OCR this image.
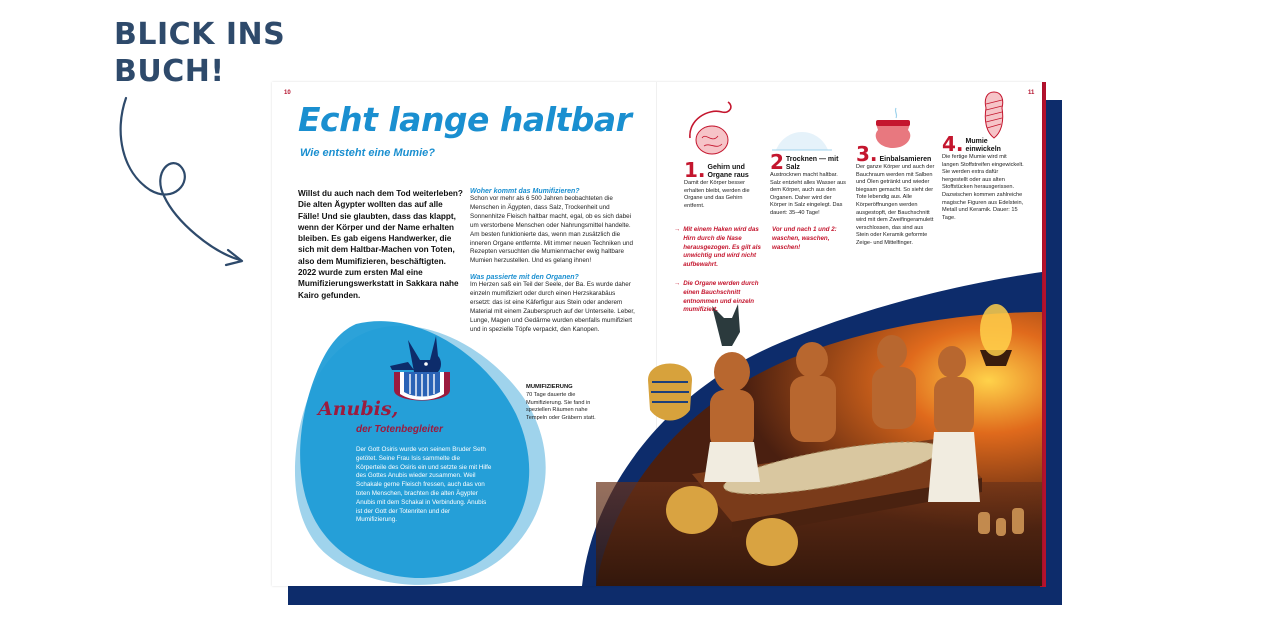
BLICK INS
BUCH!
10	11
Echt lange haltbar
Wie entsteht eine Mumie?
Willst du auch nach dem Tod weiterleben? Die alten Ägypter wollten das auf alle Fälle! Und sie glaubten, dass das klappt, wenn der Körper und der Name erhalten bleiben. Es gab eigens Handwerker, die sich mit dem Haltbar-Machen von Toten, also dem Mumifizieren, beschäftigten. 2022 wurde zum ersten Mal eine Mumifizierungswerkstatt in Sakkara nahe Kairo gefunden.
Woher kommt das Mumifizieren?
Schon vor mehr als 6 500 Jahren beobachteten die Menschen in Ägypten, dass Salz, Trockenheit und Sonnenhitze Fleisch haltbar macht, egal, ob es sich dabei um verstorbene Menschen oder Nahrungsmittel handelte. Am besten funktionierte das, wenn man zusätzlich die inneren Organe entfernte. Mit immer neuen Techniken und Rezepten versuchten die Mumienmacher ewig haltbare Mumien herzustellen. Und es gelang ihnen!
Was passierte mit den Organen?
Im Herzen saß ein Teil der Seele, der Ba. Es wurde daher einzeln mumifiziert oder durch einen Herzskarabäus ersetzt: das ist eine Käferfigur aus Stein oder anderem Material mit einem Zauberspruch auf der Unterseite. Leber, Lunge, Magen und Gedärme wurden ebenfalls mumifiziert und in spezielle Töpfe verpackt, den Kanopen.
Anubis,
der Totenbegleiter
Der Gott Osiris wurde von seinem Bruder Seth getötet. Seine Frau Isis sammelte die Körperteile des Osiris ein und setzte sie mit Hilfe des Gottes Anubis wieder zusammen. Weil Schakale gerne Fleisch fressen, auch das von toten Menschen, brachten die alten Ägypter Anubis mit dem Schakal in Verbindung. Anubis ist der Gott der Totenriten und der Mumifizierung.
MUMIFIZIERUNG
70 Tage dauerte die Mumifizierung. Sie fand in speziellen Räumen nahe Tempeln oder Gräbern statt.
1. Gehirn und Organe raus
Damit der Körper besser erhalten bleibt, werden die Organe und das Gehirn entfernt.
2 Trocknen — mit Salz
Austrocknen macht haltbar. Salz entzieht alles Wasser aus dem Körper, auch aus den Organen. Daher wird der Körper in Salz eingelegt. Das dauert: 35–40 Tage!
3. Einbalsamieren
Der ganze Körper und auch der Bauchraum werden mit Salben und Ölen getränkt und wieder biegsam gemacht. So sieht der Tote lebendig aus. Alle Körperöffnungen werden ausgestopft, der Bauchschnitt wird mit dem Zweifingeramulett verschlossen, das sind aus Stein oder Keramik geformte Zeige- und Mittelfinger.
4. Mumie einwickeln
Die fertige Mumie wird mit langen Stoffstreifen eingewickelt. Sie werden extra dafür hergestellt oder aus alten Stoffstücken herausgerissen. Dazwischen kommen zahlreiche magische Figuren aus Edelstein, Metall und Keramik. Dauer: 15 Tage.
→ Mit einem Haken wird das Hirn durch die Nase herausgezogen. Es gilt als unwichtig und wird nicht aufbewahrt.
→ Die Organe werden durch einen Bauchschnitt entnommen und einzeln mumifiziert.
Vor und nach 1 und 2: waschen, waschen, waschen!
